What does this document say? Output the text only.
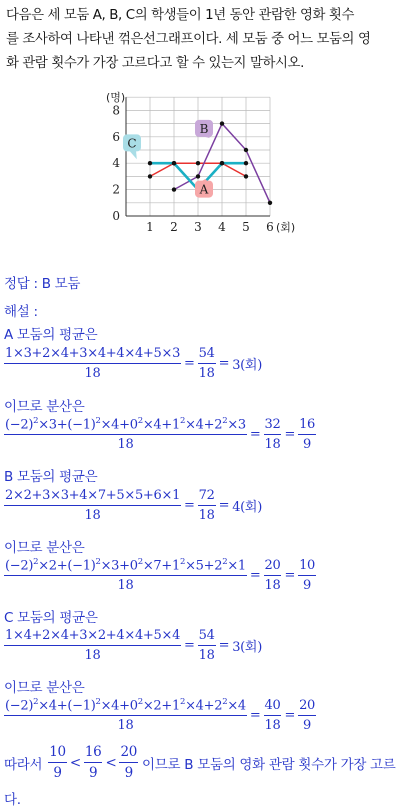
다음은 세 모둠 A, B, C의 학생들이 1년 동안 관람한 영화 횟수

를 조사하여 나타낸 꺾은선그래프이다. 세 모둠 중 어느 모둠의 영

화 관람 횟수가 가장 고르다고 할 수 있는지 말하시오.

1 2 3 4 5 6
0
2
4
6
8
(명)
(회)
C
B
A
정답 : B 모둠
해설 :
A 모둠의 평균은
$\frac{1\times 3+2\times 4+3\times 4+4\times 4+5\times 3}{18} = \frac{54}{18} = 3$(회)
이므로 분산은
$\frac{(-2)^2\times 3+(-1)^2\times 4+0^2\times 4+1^2\times 4+2^2\times 3}{18} = \frac{32}{18} = \frac{16}{9}$
B 모둠의 평균은
$\frac{2\times 2+3\times 3+4\times 7+5\times 5+6\times 1}{18} = \frac{72}{18} = 4$(회)
이므로 분산은
$\frac{(-2)^2\times 2+(-1)^2\times 3+0^2\times 7+1^2\times 5+2^2\times 1}{18} = \frac{20}{18} = \frac{10}{9}$
C 모둠의 평균은
$\frac{1\times 4+2\times 4+3\times 2+4\times 4+5\times 4}{18} = \frac{54}{18} = 3$(회)
이므로 분산은
$\frac{(-2)^2\times 4+(-1)^2\times 4+0^2\times 2+1^2\times 4+2^2\times 4}{18} = \frac{40}{18} = \frac{20}{9}$
따라서 $\frac{10}{9} < \frac{16}{9} < \frac{20}{9}$ 이므로 B 모둠의 영화 관람 횟수가 가장 고르
다.
